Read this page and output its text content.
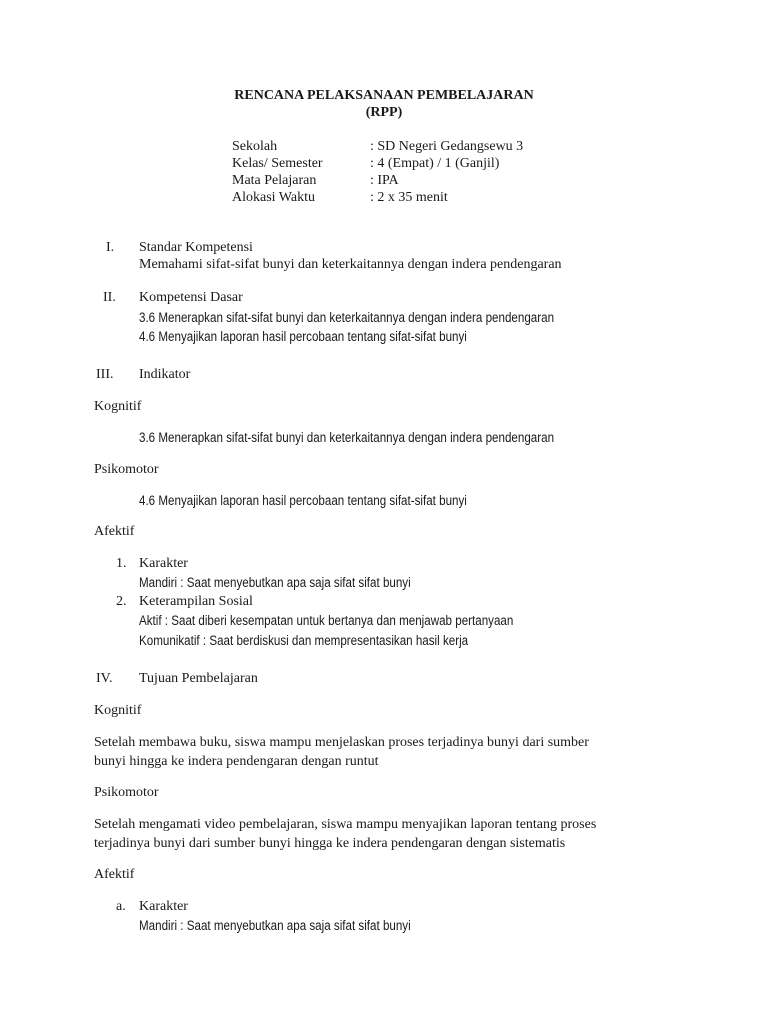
RENCANA PELAKSANAAN PEMBELAJARAN
(RPP)
Sekolah	: SD Negeri Gedangsewu 3
Kelas/ Semester	: 4 (Empat) / 1 (Ganjil)
Mata Pelajaran	: IPA
Alokasi Waktu	: 2 x 35 menit
I. Standar Kompetensi
Memahami sifat-sifat bunyi dan keterkaitannya dengan indera pendengaran
II. Kompetensi Dasar
3.6 Menerapkan sifat-sifat bunyi dan keterkaitannya dengan indera pendengaran
4.6 Menyajikan laporan hasil percobaan tentang sifat-sifat bunyi
III. Indikator
Kognitif
3.6 Menerapkan sifat-sifat bunyi dan keterkaitannya dengan indera pendengaran
Psikomotor
4.6 Menyajikan laporan hasil percobaan tentang sifat-sifat bunyi
Afektif
1. Karakter
Mandiri : Saat menyebutkan apa saja sifat sifat bunyi
2. Keterampilan Sosial
Aktif : Saat diberi kesempatan untuk bertanya dan menjawab pertanyaan
Komunikatif : Saat berdiskusi dan mempresentasikan hasil kerja
IV. Tujuan Pembelajaran
Kognitif
Setelah membawa buku, siswa mampu menjelaskan proses terjadinya bunyi dari sumber
bunyi hingga ke indera pendengaran dengan runtut
Psikomotor
Setelah mengamati video pembelajaran, siswa mampu menyajikan laporan tentang proses
terjadinya bunyi dari sumber bunyi hingga ke indera pendengaran dengan sistematis
Afektif
a. Karakter
Mandiri : Saat menyebutkan apa saja sifat sifat bunyi
